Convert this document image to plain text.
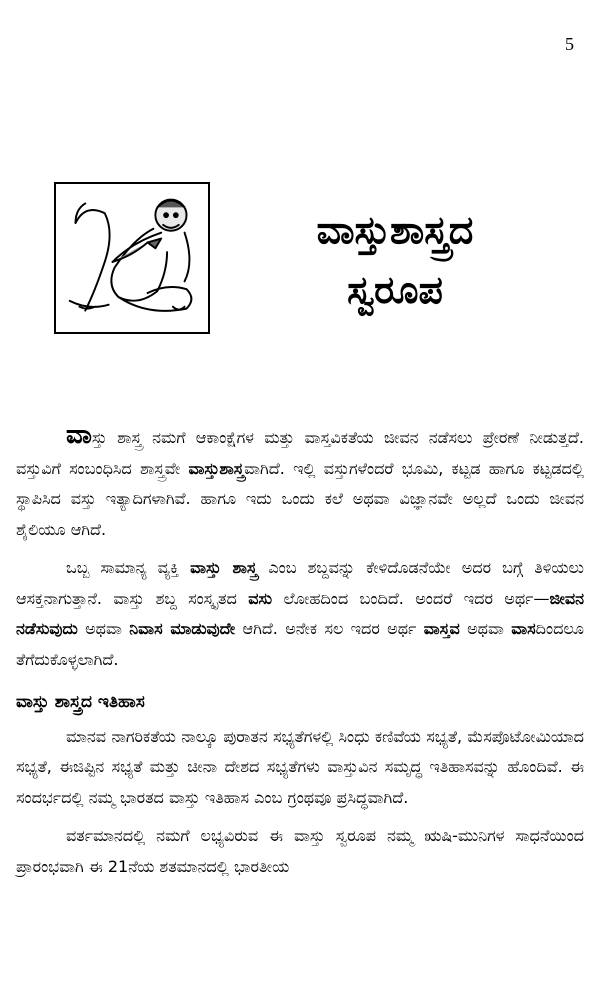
5
ವಾಸ್ತುಶಾಸ್ತ್ರದ
ಸ್ವರೂಪ

ವಾಸ್ತು ಶಾಸ್ತ್ರ ನಮಗೆ ಆಕಾಂಕ್ಷೆಗಳ ಮತ್ತು ವಾಸ್ತವಿಕತೆಯ ಜೀವನ ನಡೆಸಲು ಪ್ರೇರಣೆ ನೀಡುತ್ತದೆ. ವಸ್ತುವಿಗೆ ಸಂಬಂಧಿಸಿದ ಶಾಸ್ತ್ರವೇ ವಾಸ್ತುಶಾಸ್ತ್ರವಾಗಿದೆ. ಇಲ್ಲಿ ವಸ್ತುಗಳೆಂದರೆ ಭೂಮಿ, ಕಟ್ಟಡ ಹಾಗೂ ಕಟ್ಟಡದಲ್ಲಿ ಸ್ಥಾಪಿಸಿದ ವಸ್ತು ಇತ್ಯಾದಿಗಳಾಗಿವೆ. ಹಾಗೂ ಇದು ಒಂದು ಕಲೆ ಅಥವಾ ವಿಜ್ಞಾನವೇ ಅಲ್ಲದೆ ಒಂದು ಜೀವನ ಶೈಲಿಯೂ ಆಗಿದೆ.

ಒಬ್ಬ ಸಾಮಾನ್ಯ ವ್ಯಕ್ತಿ ವಾಸ್ತು ಶಾಸ್ತ್ರ ಎಂಬ ಶಬ್ದವನ್ನು ಕೇಳಿದೊಡನೆಯೇ ಅದರ ಬಗ್ಗೆ ತಿಳಿಯಲು ಆಸಕ್ತನಾಗುತ್ತಾನೆ. ವಾಸ್ತು ಶಬ್ದ ಸಂಸ್ಕೃತದ ವಸು ಲೋಹದಿಂದ ಬಂದಿದೆ. ಅಂದರೆ ಇದರ ಅರ್ಥ—ಜೀವನ ನಡೆಸುವುದು ಅಥವಾ ನಿವಾಸ ಮಾಡುವುದೇ ಆಗಿದೆ. ಅನೇಕ ಸಲ ಇದರ ಅರ್ಥ ವಾಸ್ತವ ಅಥವಾ ವಾಸದಿಂದಲೂ ತೆಗೆದುಕೊಳ್ಳಲಾಗಿದೆ.

ವಾಸ್ತು ಶಾಸ್ತ್ರದ ಇತಿಹಾಸ

ಮಾನವ ನಾಗರಿಕತೆಯ ನಾಲ್ಕೂ ಪುರಾತನ ಸಭ್ಯತೆಗಳಲ್ಲಿ ಸಿಂಧು ಕಣಿವೆಯ ಸಭ್ಯತೆ, ಮೆಸಪೊಟೋಮಿಯಾದ ಸಭ್ಯತೆ, ಈಜಿಪ್ಟಿನ ಸಭ್ಯತೆ ಮತ್ತು ಚೀನಾ ದೇಶದ ಸಭ್ಯತೆಗಳು ವಾಸ್ತುವಿನ ಸಮೃದ್ಧ ಇತಿಹಾಸವನ್ನು ಹೊಂದಿವೆ. ಈ ಸಂದರ್ಭದಲ್ಲಿ ನಮ್ಮ ಭಾರತದ ವಾಸ್ತು ಇತಿಹಾಸ ಎಂಬ ಗ್ರಂಥವೂ ಪ್ರಸಿದ್ಧವಾಗಿದೆ.

ವರ್ತಮಾನದಲ್ಲಿ ನಮಗೆ ಲಭ್ಯವಿರುವ ಈ ವಾಸ್ತು ಸ್ವರೂಪ ನಮ್ಮ ಋಷಿ-ಮುನಿಗಳ ಸಾಧನೆಯಿಂದ ಪ್ರಾರಂಭವಾಗಿ ಈ 21ನೆಯ ಶತಮಾನದಲ್ಲಿ ಭಾರತೀಯ
